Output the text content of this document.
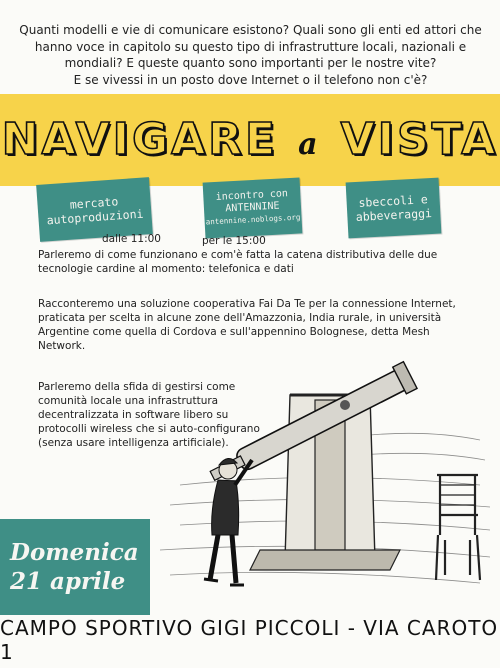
Quanti modelli e vie di comunicare esistono? Quali sono gli enti ed attori che hanno voce in capitolo su questo tipo di infrastrutture locali, nazionali e mondiali? E queste quanto sono importanti per le nostre vite?

E se vivessi in un posto dove Internet o il telefono non c'è?

NAVIGARE a VISTA
mercato
autoproduzioni
incontro con
ANTENNINE
antennine.noblogs.org
sbeccoli e
abbeveraggi
dalle 11:00	per le 15:00
Parleremo di come funzionano e com'è fatta la catena distributiva delle due tecnologie cardine al momento: telefonica e dati
Racconteremo una soluzione cooperativa Fai Da Te per la connessione Internet, praticata per scelta in alcune zone dell'Amazzonia, India rurale, in università Argentine come quella di Cordova e sull'appennino Bolognese, detta Mesh Network.
Parleremo della sfida di gestirsi come comunità locale una infrastruttura decentralizzata in software libero su protocolli wireless che si auto-configurano (senza usare intelligenza artificiale).
Domenica
21 aprile
CAMPO SPORTIVO GIGI PICCOLI - VIA CAROTO 1
